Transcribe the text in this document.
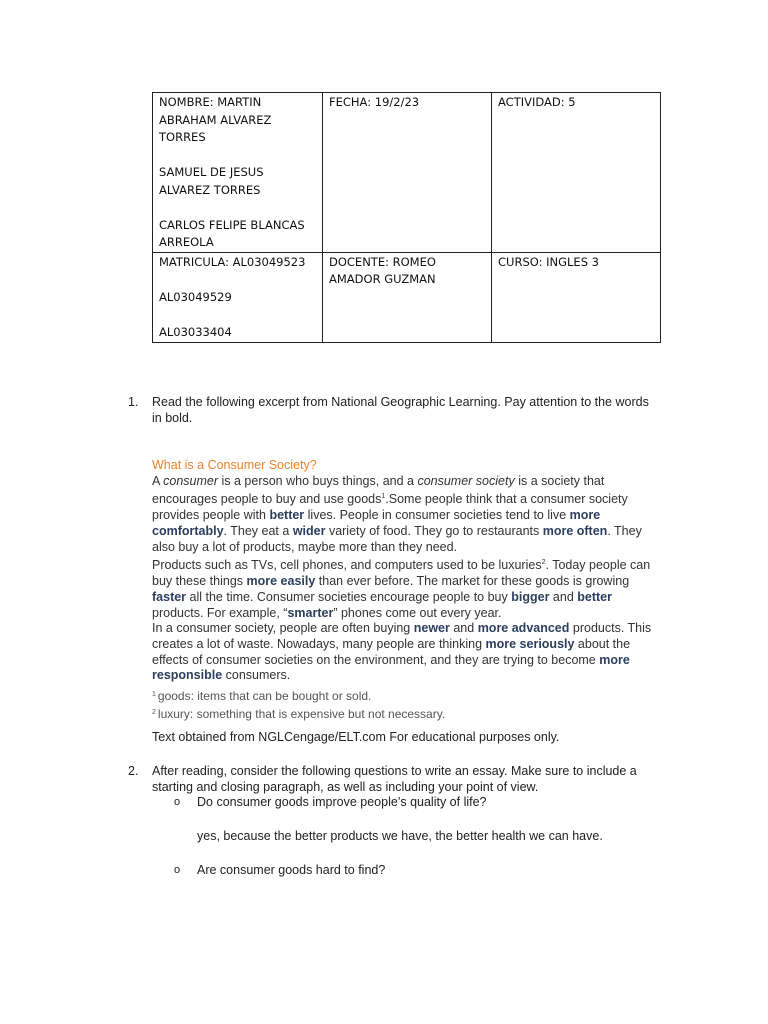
NOMBRE: MARTIN ABRAHAM ALVAREZ TORRES
SAMUEL DE JESUS ALVAREZ TORRES
CARLOS FELIPE BLANCAS ARREOLA	FECHA: 19/2/23	ACTIVIDAD: 5

MATRICULA: AL03049523
AL03049529
AL03033404	DOCENTE: ROMEO AMADOR GUZMAN	CURSO: INGLES 3
1. Read the following excerpt from National Geographic Learning. Pay attention to the words in bold.
What is a Consumer Society?
A consumer is a person who buys things, and a consumer society is a society that encourages people to buy and use goods$^1$.Some people think that a consumer society provides people with better lives. People in consumer societies tend to live more comfortably. They eat a wider variety of food. They go to restaurants more often. They also buy a lot of products, maybe more than they need.
Products such as TVs, cell phones, and computers used to be luxuries$^2$. Today people can buy these things more easily than ever before. The market for these goods is growing faster all the time. Consumer societies encourage people to buy bigger and better products. For example, “smarter” phones come out every year.
In a consumer society, people are often buying newer and more advanced products. This creates a lot of waste. Nowadays, many people are thinking more seriously about the effects of consumer societies on the environment, and they are trying to become more responsible consumers.
$^1$ goods: items that can be bought or sold.
$^2$ luxury: something that is expensive but not necessary.
Text obtained from NGLCengage/ELT.com For educational purposes only.
2. After reading, consider the following questions to write an essay. Make sure to include a starting and closing paragraph, as well as including your point of view.
o Do consumer goods improve people’s quality of life?
yes, because the better products we have, the better health we can have.
o Are consumer goods hard to find?
